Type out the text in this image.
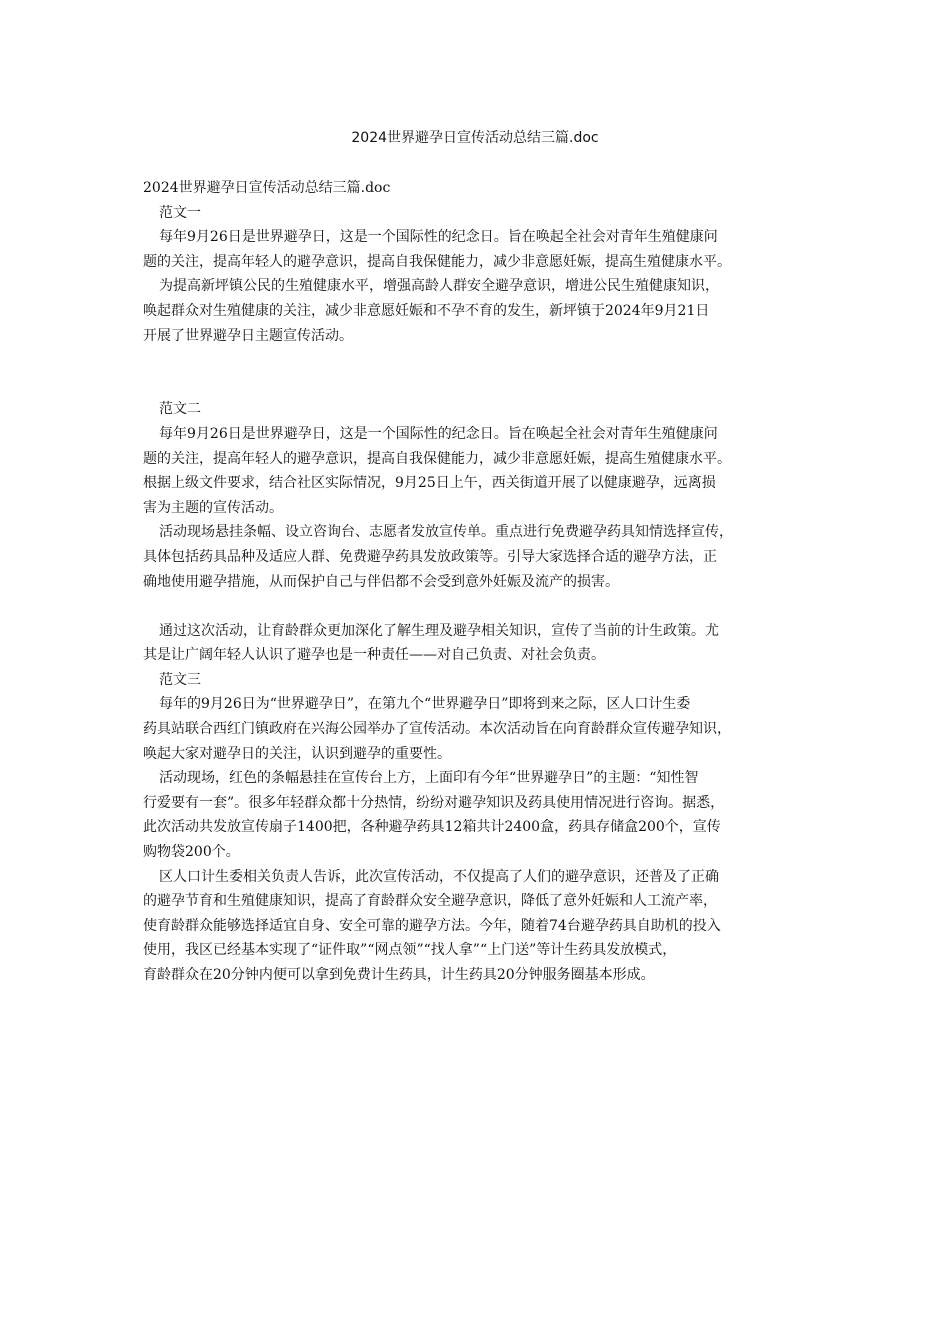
2024世界避孕日宣传活动总结三篇.doc

2024世界避孕日宣传活动总结三篇.doc

范文一

每年9月26日是世界避孕日，这是一个国际性的纪念日。旨在唤起全社会对青年生殖健康问

题的关注，提高年轻人的避孕意识，提高自我保健能力，减少非意愿妊娠，提高生殖健康水平。

为提高新坪镇公民的生殖健康水平，增强高龄人群安全避孕意识，增进公民生殖健康知识，

唤起群众对生殖健康的关注，减少非意愿妊娠和不孕不育的发生，新坪镇于2024年9月21日

开展了世界避孕日主题宣传活动。

范文二

每年9月26日是世界避孕日，这是一个国际性的纪念日。旨在唤起全社会对青年生殖健康问

题的关注，提高年轻人的避孕意识，提高自我保健能力，减少非意愿妊娠，提高生殖健康水平。

根据上级文件要求，结合社区实际情况，9月25日上午，西关街道开展了以健康避孕，远离损

害为主题的宣传活动。

活动现场悬挂条幅、设立咨询台、志愿者发放宣传单。重点进行免费避孕药具知情选择宣传，

具体包括药具品种及适应人群、免费避孕药具发放政策等。引导大家选择合适的避孕方法，正

确地使用避孕措施，从而保护自己与伴侣都不会受到意外妊娠及流产的损害。

通过这次活动，让育龄群众更加深化了解生理及避孕相关知识，宣传了当前的计生政策。尤

其是让广阔年轻人认识了避孕也是一种责任——对自己负责、对社会负责。

范文三

每年的9月26日为“世界避孕日”，在第九个“世界避孕日”即将到来之际，区人口计生委

药具站联合西红门镇政府在兴海公园举办了宣传活动。本次活动旨在向育龄群众宣传避孕知识，

唤起大家对避孕日的关注，认识到避孕的重要性。

活动现场，红色的条幅悬挂在宣传台上方，上面印有今年“世界避孕日”的主题：“知性智

行爱要有一套”。很多年轻群众都十分热情，纷纷对避孕知识及药具使用情况进行咨询。据悉，

此次活动共发放宣传扇子1400把，各种避孕药具12箱共计2400盒，药具存储盒200个，宣传

购物袋200个。

区人口计生委相关负责人告诉，此次宣传活动，不仅提高了人们的避孕意识，还普及了正确

的避孕节育和生殖健康知识，提高了育龄群众安全避孕意识，降低了意外妊娠和人工流产率，

使育龄群众能够选择适宜自身、安全可靠的避孕方法。今年，随着74台避孕药具自助机的投入

使用，我区已经基本实现了“证件取”“网点领”“找人拿”“上门送”等计生药具发放模式，

育龄群众在20分钟内便可以拿到免费计生药具，计生药具20分钟服务圈基本形成。
